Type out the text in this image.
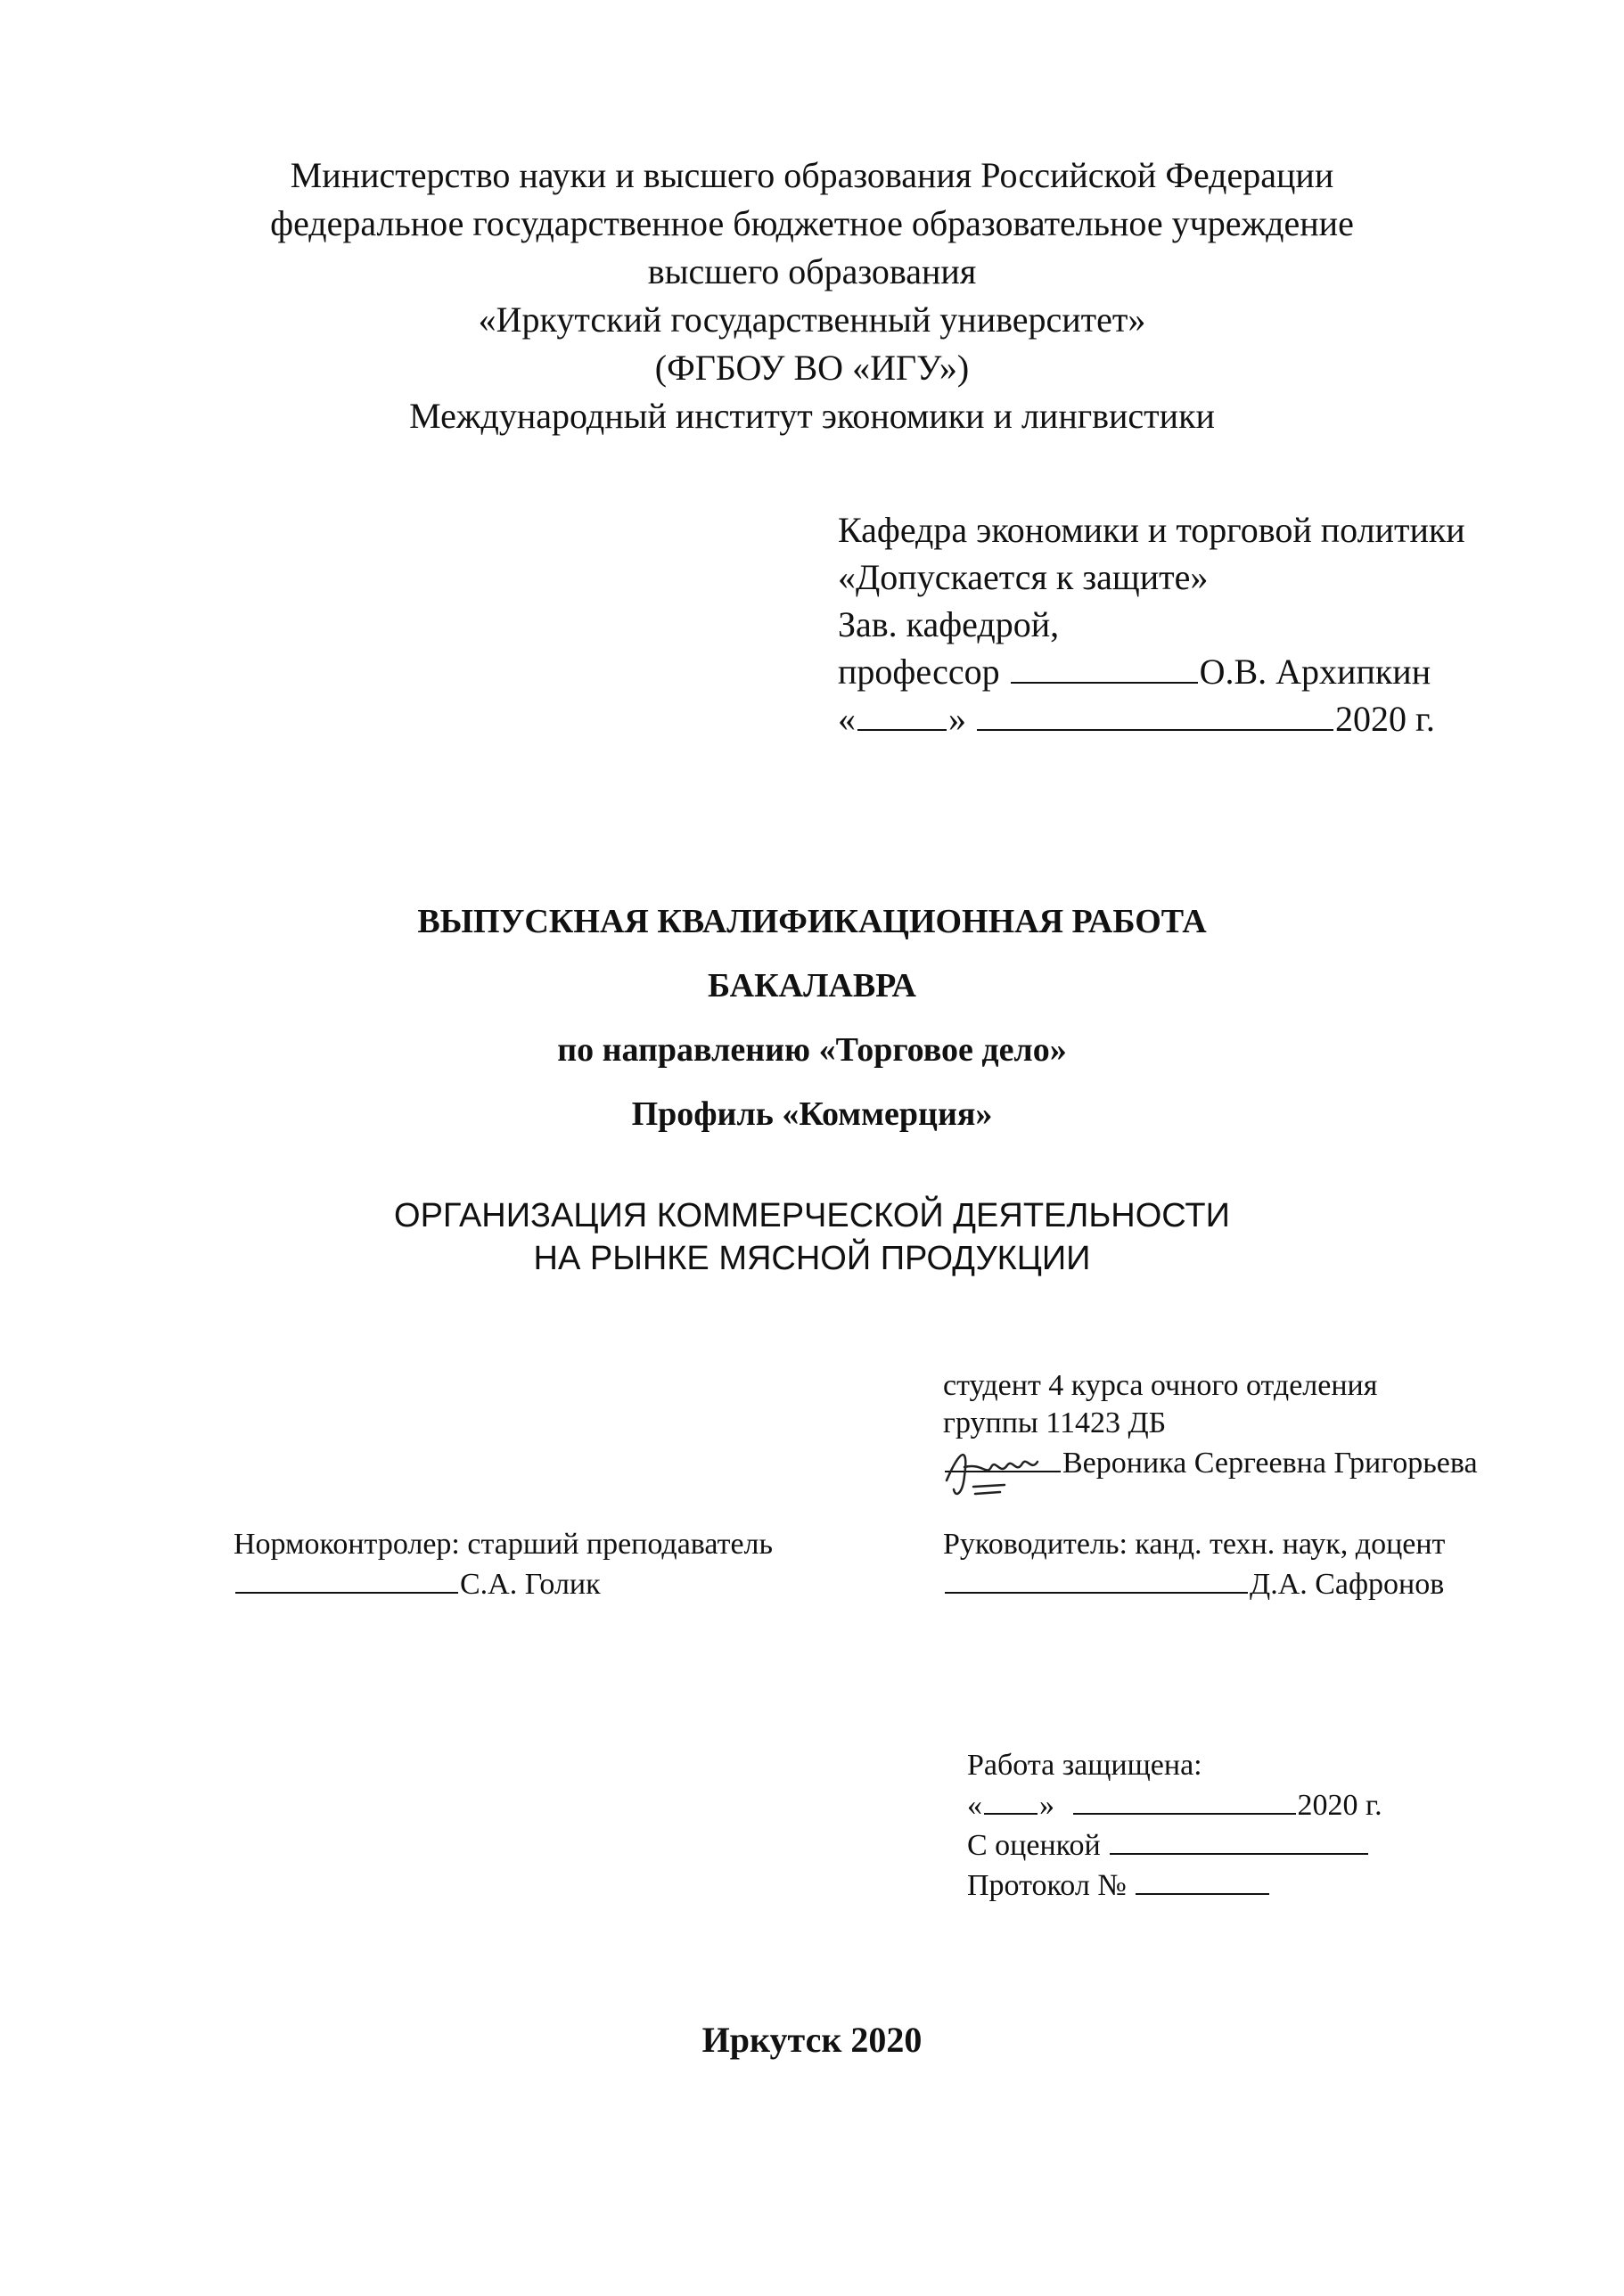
Министерство науки и высшего образования Российской Федерации
федеральное государственное бюджетное образовательное учреждение
высшего образования
«Иркутский государственный университет»
(ФГБОУ ВО «ИГУ»)
Международный институт экономики и лингвистики
Кафедра экономики и торговой политики
«Допускается к защите»
Зав. кафедрой,
профессор	О.В. Архипкин
«	»	2020 г.
ВЫПУСКНАЯ КВАЛИФИКАЦИОННАЯ РАБОТА
БАКАЛАВРА
по направлению «Торговое дело»
Профиль «Коммерция»
ОРГАНИЗАЦИЯ КОММЕРЧЕСКОЙ ДЕЯТЕЛЬНОСТИ
НА РЫНКЕ МЯСНОЙ ПРОДУКЦИИ
студент 4 курса очного отделения
группы 11423 ДБ
Вероника Сергеевна Григорьева
Нормоконтролер: старший преподаватель
С.А. Голик
Руководитель: канд. техн. наук, доцент
Д.А. Сафронов
Работа защищена:
« »	2020 г.
С оценкой
Протокол №
Иркутск 2020
